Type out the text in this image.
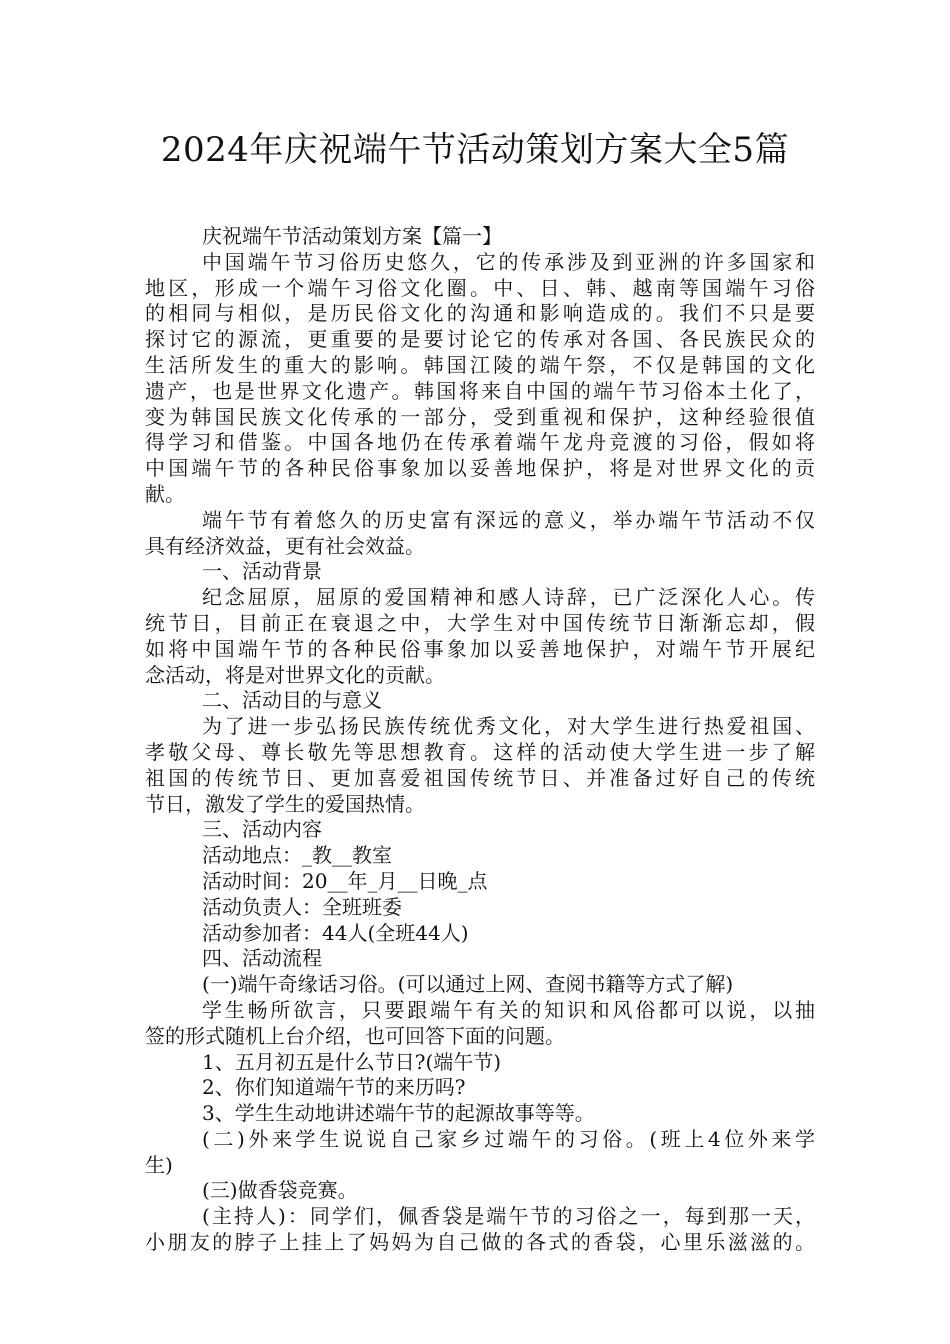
2024年庆祝端午节活动策划方案大全5篇
庆祝端午节活动策划方案【篇一】
中国端午节习俗历史悠久，它的传承涉及到亚洲的许多国家和
地区，形成一个端午习俗文化圈。中、日、韩、越南等国端午习俗
的相同与相似，是历民俗文化的沟通和影响造成的。我们不只是要
探讨它的源流，更重要的是要讨论它的传承对各国、各民族民众的
生活所发生的重大的影响。韩国江陵的端午祭，不仅是韩国的文化
遗产，也是世界文化遗产。韩国将来自中国的端午节习俗本土化了，
变为韩国民族文化传承的一部分，受到重视和保护，这种经验很值
得学习和借鉴。中国各地仍在传承着端午龙舟竞渡的习俗，假如将
中国端午节的各种民俗事象加以妥善地保护，将是对世界文化的贡
献。
端午节有着悠久的历史富有深远的意义，举办端午节活动不仅
具有经济效益，更有社会效益。
一、活动背景
纪念屈原，屈原的爱国精神和感人诗辞，已广泛深化人心。传
统节日，目前正在衰退之中，大学生对中国传统节日渐渐忘却，假
如将中国端午节的各种民俗事象加以妥善地保护，对端午节开展纪
念活动，将是对世界文化的贡献。
二、活动目的与意义
为了进一步弘扬民族传统优秀文化，对大学生进行热爱祖国、
孝敬父母、尊长敬先等思想教育。这样的活动使大学生进一步了解
祖国的传统节日、更加喜爱祖国传统节日、并准备过好自己的传统
节日，激发了学生的爱国热情。
三、活动内容
活动地点：_教__教室
活动时间：20__年_月__日晚_点
活动负责人：全班班委
活动参加者：44人(全班44人)
四、活动流程
(一)端午奇缘话习俗。(可以通过上网、查阅书籍等方式了解)
学生畅所欲言，只要跟端午有关的知识和风俗都可以说，以抽
签的形式随机上台介绍，也可回答下面的问题。
1、五月初五是什么节日?(端午节)
2、你们知道端午节的来历吗?
3、学生生动地讲述端午节的起源故事等等。
(二)外来学生说说自己家乡过端午的习俗。(班上4位外来学
生)
(三)做香袋竞赛。
(主持人)：同学们，佩香袋是端午节的习俗之一，每到那一天，
小朋友的脖子上挂上了妈妈为自己做的各式的香袋，心里乐滋滋的。
